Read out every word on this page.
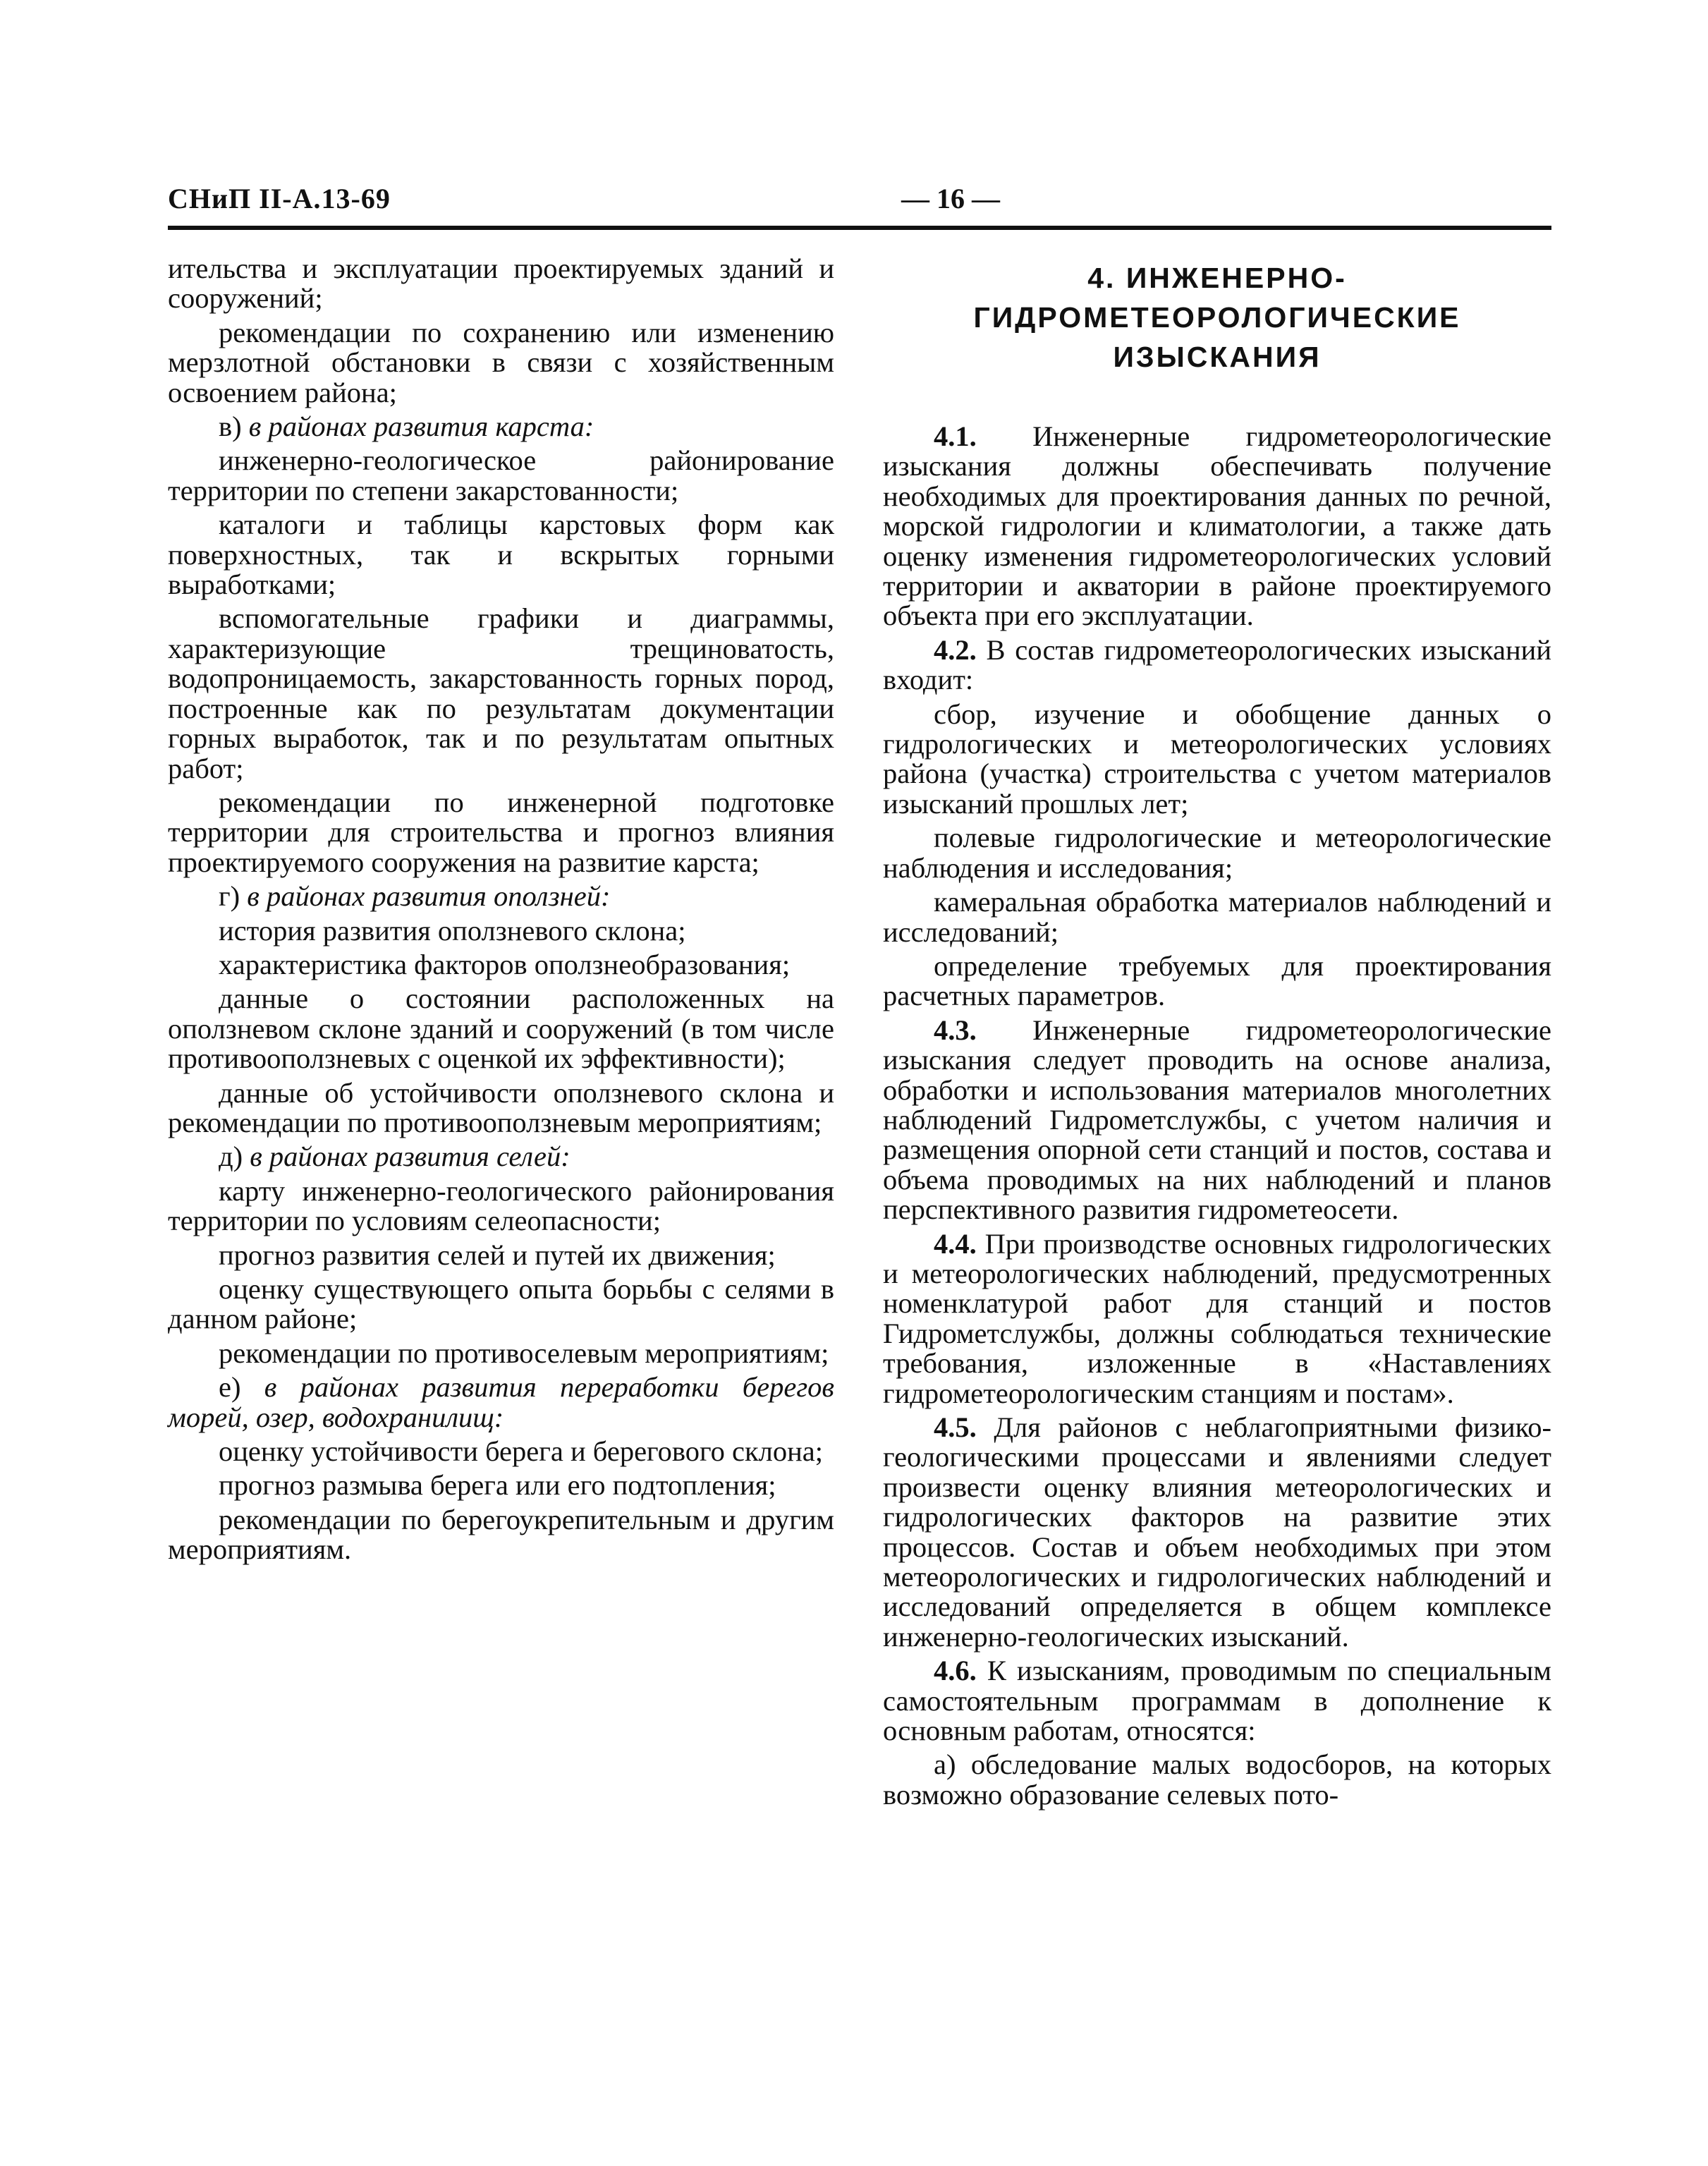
СНиП II-А.13-69	— 16 —

ительства и эксплуатации проектируемых зданий и сооружений;

рекомендации по сохранению или изменению мерзлотной обстановки в связи с хозяйственным освоением района;

в) в районах развития карста:

инженерно-геологическое районирование территории по степени закарстованности;

каталоги и таблицы карстовых форм как поверхностных, так и вскрытых горными выработками;

вспомогательные графики и диаграммы, характеризующие трещиноватость, водопроницаемость, закарстованность горных пород, построенные как по результатам документации горных выработок, так и по результатам опытных работ;

рекомендации по инженерной подготовке территории для строительства и прогноз влияния проектируемого сооружения на развитие карста;

г) в районах развития оползней:

история развития оползневого склона;

характеристика факторов оползнеобразования;

данные о состоянии расположенных на оползневом склоне зданий и сооружений (в том числе противооползневых с оценкой их эффективности);

данные об устойчивости оползневого склона и рекомендации по противооползневым мероприятиям;

д) в районах развития селей:

карту инженерно-геологического районирования территории по условиям селеопасности;

прогноз развития селей и путей их движения;

оценку существующего опыта борьбы с селями в данном районе;

рекомендации по противоселевым мероприятиям;

е) в районах развития переработки берегов морей, озер, водохранилищ:

оценку устойчивости берега и берегового склона;

прогноз размыва берега или его подтопления;

рекомендации по берегоукрепительным и другим мероприятиям.

4. ИНЖЕНЕРНО-
ГИДРОМЕТЕОРОЛОГИЧЕСКИЕ
ИЗЫСКАНИЯ

4.1. Инженерные гидрометеорологические изыскания должны обеспечивать получение необходимых для проектирования данных по речной, морской гидрологии и климатологии, а также дать оценку изменения гидрометеорологических условий территории и акватории в районе проектируемого объекта при его эксплуатации.

4.2. В состав гидрометеорологических изысканий входит:

сбор, изучение и обобщение данных о гидрологических и метеорологических условиях района (участка) строительства с учетом материалов изысканий прошлых лет;

полевые гидрологические и метеорологические наблюдения и исследования;

камеральная обработка материалов наблюдений и исследований;

определение требуемых для проектирования расчетных параметров.

4.3. Инженерные гидрометеорологические изыскания следует проводить на основе анализа, обработки и использования материалов многолетних наблюдений Гидрометслужбы, с учетом наличия и размещения опорной сети станций и постов, состава и объема проводимых на них наблюдений и планов перспективного развития гидрометеосети.

4.4. При производстве основных гидрологических и метеорологических наблюдений, предусмотренных номенклатурой работ для станций и постов Гидрометслужбы, должны соблюдаться технические требования, изложенные в «Наставлениях гидрометеорологическим станциям и постам».

4.5. Для районов с неблагоприятными физико-геологическими процессами и явлениями следует произвести оценку влияния метеорологических и гидрологических факторов на развитие этих процессов. Состав и объем необходимых при этом метеорологических и гидрологических наблюдений и исследований определяется в общем комплексе инженерно-геологических изысканий.

4.6. К изысканиям, проводимым по специальным самостоятельным программам в дополнение к основным работам, относятся:

а) обследование малых водосборов, на которых возможно образование селевых пото-
